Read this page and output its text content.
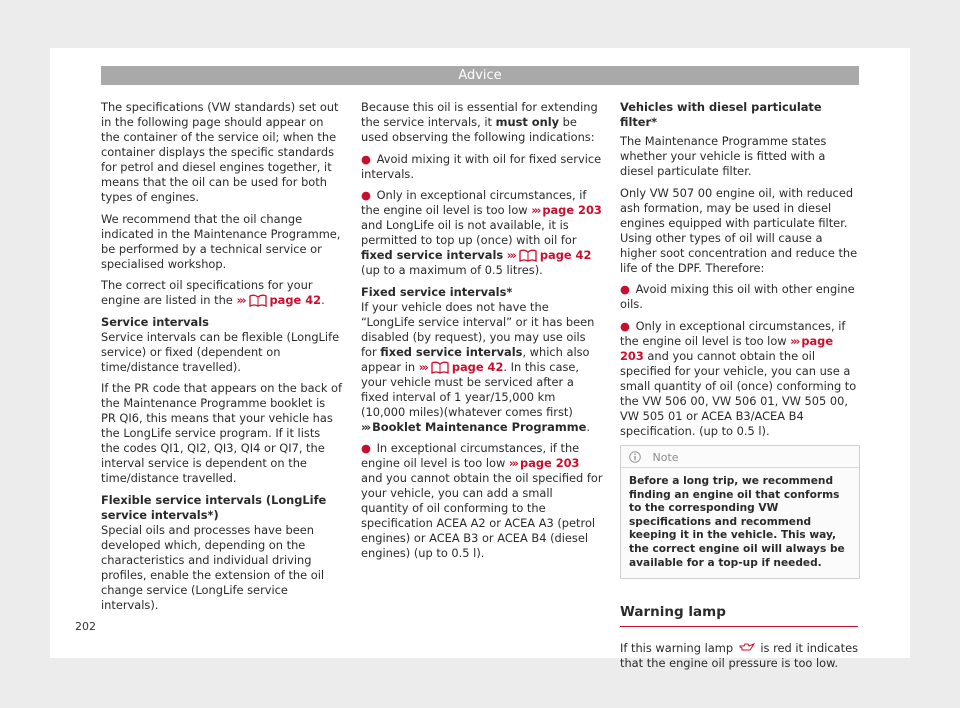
Advice

The specifications (VW standards) set out in the following page should appear on the container of the service oil; when the container displays the specific standards for petrol and diesel engines together, it means that the oil can be used for both types of engines.

We recommend that the oil change indicated in the Maintenance Programme, be performed by a technical service or specialised workshop.

The correct oil specifications for your engine are listed in the ››› page 42.

Service intervals

Service intervals can be flexible (LongLife service) or fixed (dependent on time/distance travelled).

If the PR code that appears on the back of the Maintenance Programme booklet is PR QI6, this means that your vehicle has the LongLife service program. If it lists the codes QI1, QI2, QI3, QI4 or QI7, the interval service is dependent on the time/distance travelled.

Flexible service intervals (LongLife service intervals*)

Special oils and processes have been developed which, depending on the characteristics and individual driving profiles, enable the extension of the oil change service (LongLife service intervals).

Because this oil is essential for extending the service intervals, it must only be used observing the following indications:

● Avoid mixing it with oil for fixed service intervals.

● Only in exceptional circumstances, if the engine oil level is too low ››› page 203 and LongLife oil is not available, it is permitted to top up (once) with oil for fixed service intervals ››› page 42 (up to a maximum of 0.5 litres).

Fixed service intervals*

If your vehicle does not have the “LongLife service interval” or it has been disabled (by request), you may use oils for fixed service intervals, which also appear in ››› page 42. In this case, your vehicle must be serviced after a fixed interval of 1 year/15,000 km (10,000 miles)(whatever comes first) ››› Booklet Maintenance Programme.

● In exceptional circumstances, if the engine oil level is too low ››› page 203 and you cannot obtain the oil specified for your vehicle, you can add a small quantity of oil conforming to the specification ACEA A2 or ACEA A3 (petrol engines) or ACEA B3 or ACEA B4 (diesel engines) (up to 0.5 l).

Vehicles with diesel particulate filter*

The Maintenance Programme states whether your vehicle is fitted with a diesel particulate filter.

Only VW 507 00 engine oil, with reduced ash formation, may be used in diesel engines equipped with particulate filter. Using other types of oil will cause a higher soot concentration and reduce the life of the DPF. Therefore:

● Avoid mixing this oil with other engine oils.

● Only in exceptional circumstances, if the engine oil level is too low ››› page 203 and you cannot obtain the oil specified for your vehicle, you can use a small quantity of oil (once) conforming to the VW 506 00, VW 506 01, VW 505 00, VW 505 01 or ACEA B3/ACEA B4 specification. (up to 0.5 l).

Note
Before a long trip, we recommend finding an engine oil that conforms to the corresponding VW specifications and recommend keeping it in the vehicle. This way, the correct engine oil will always be available for a top-up if needed.
Warning lamp

If this warning lamp is red it indicates that the engine oil pressure is too low.

202
